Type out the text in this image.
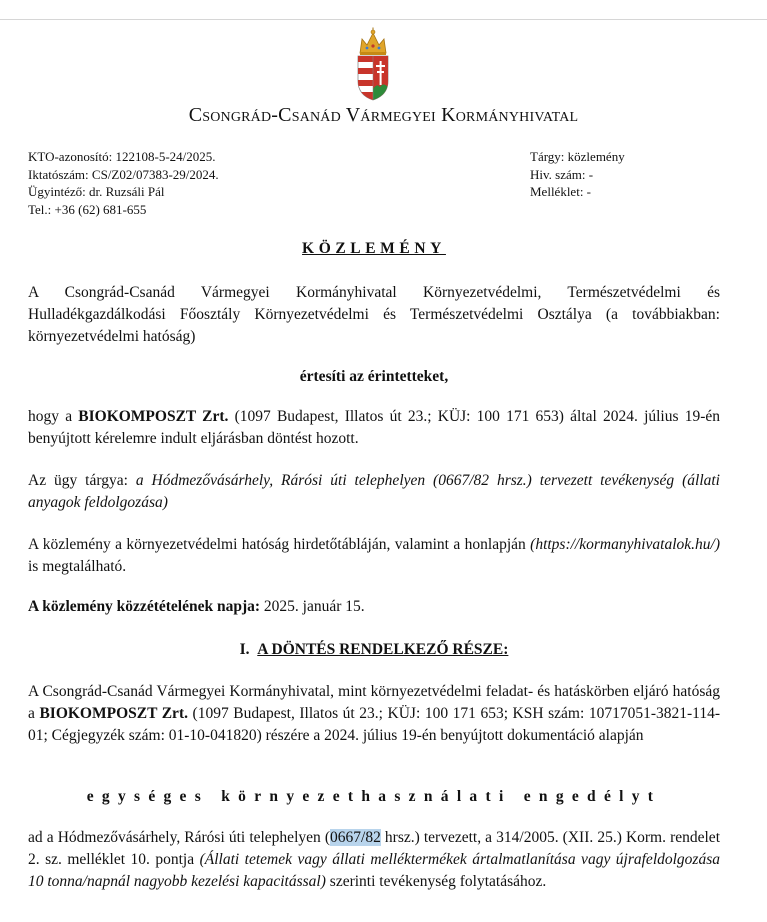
Csongrád-Csanád Vármegyei Kormányhivatal
KTO-azonosító: 122108-5-24/2025.
Iktatószám: CS/Z02/07383-29/2024.
Ügyintéző: dr. Ruzsáli Pál
Tel.: +36 (62) 681-655
Tárgy: közlemény
Hiv. szám: -
Melléklet: -
KÖZLEMÉNY
A Csongrád-Csanád Vármegyei Kormányhivatal Környezetvédelmi, Természetvédelmi és Hulladékgazdálkodási Főosztály Környezetvédelmi és Természetvédelmi Osztálya (a továbbiakban: környezetvédelmi hatóság)
értesíti az érintetteket,
hogy a BIOKOMPOSZT Zrt. (1097 Budapest, Illatos út 23.; KÜJ: 100 171 653) által 2024. július 19-én benyújtott kérelemre indult eljárásban döntést hozott.
Az ügy tárgya: a Hódmezővásárhely, Rárósi úti telephelyen (0667/82 hrsz.) tervezett tevékenység (állati anyagok feldolgozása)
A közlemény a környezetvédelmi hatóság hirdetőtábláján, valamint a honlapján (https://kormanyhivatalok.hu/) is megtalálható.
A közlemény közzétételének napja: 2025. január 15.
I. A DÖNTÉS RENDELKEZŐ RÉSZE:
A Csongrád-Csanád Vármegyei Kormányhivatal, mint környezetvédelmi feladat- és hatáskörben eljáró hatóság a BIOKOMPOSZT Zrt. (1097 Budapest, Illatos út 23.; KÜJ: 100 171 653; KSH szám: 10717051-3821-114-01; Cégjegyzék szám: 01-10-041820) részére a 2024. július 19-én benyújtott dokumentáció alapján
egységes környezethasználati engedélyt
ad a Hódmezővásárhely, Rárósi úti telephelyen (0667/82 hrsz.) tervezett, a 314/2005. (XII. 25.) Korm. rendelet 2. sz. melléklet 10. pontja (Állati tetemek vagy állati melléktermékek ártalmatlanítása vagy újrafeldolgozása 10 tonna/napnál nagyobb kezelési kapacitással) szerinti tevékenység folytatásához.
